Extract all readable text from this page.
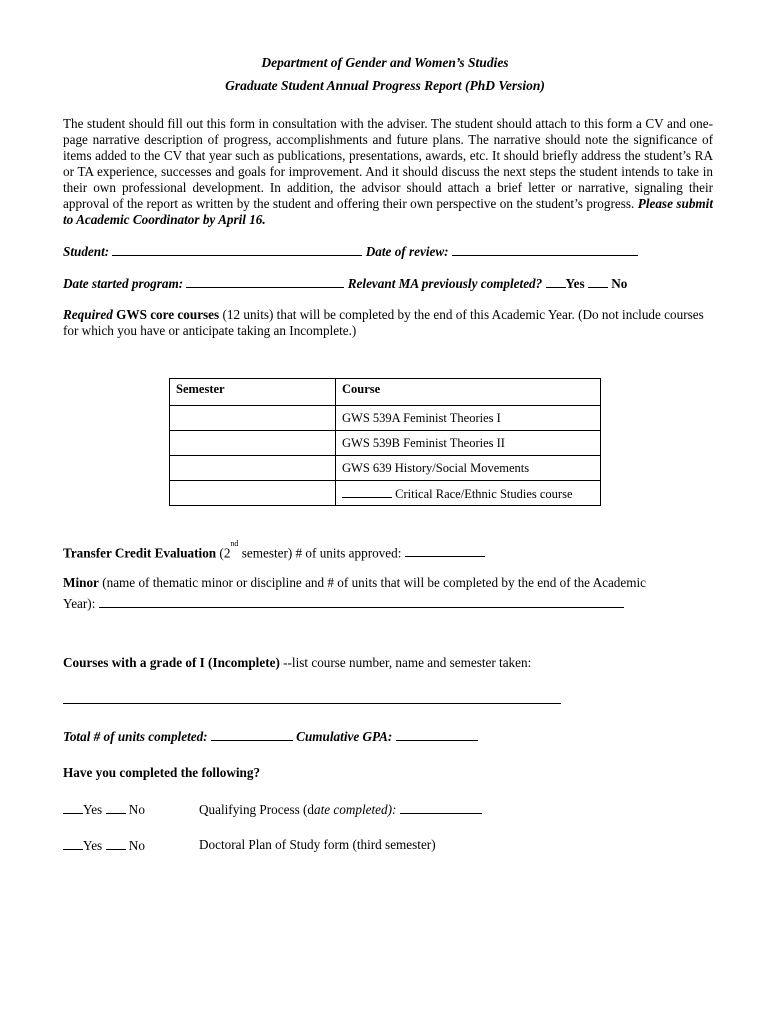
Department of Gender and Women’s Studies
Graduate Student Annual Progress Report (PhD Version)
The student should fill out this form in consultation with the adviser. The student should attach to this form a CV and one-page narrative description of progress, accomplishments and future plans. The narrative should note the significance of items added to the CV that year such as publications, presentations, awards, etc. It should briefly address the student’s RA or TA experience, successes and goals for improvement. And it should discuss the next steps the student intends to take in their own professional development. In addition, the advisor should attach a brief letter or narrative, signaling their approval of the report as written by the student and offering their own perspective on the student’s progress. Please submit to Academic Coordinator by April 16.
Student:	Date of review:
Date started program:	Relevant MA previously completed? Yes No
Required GWS core courses (12 units) that will be completed by the end of this Academic Year. (Do not include courses for which you have or anticipate taking an Incomplete.)
Semester	Course
	GWS 539A Feminist Theories I
	GWS 539B Feminist Theories II
	GWS 639 History/Social Movements
	Critical Race/Ethnic Studies course
Transfer Credit Evaluation (2nd semester) # of units approved:
Minor (name of thematic minor or discipline and # of units that will be completed by the end of the Academic
Year):
Courses with a grade of I (Incomplete) --list course number, name and semester taken:
Total # of units completed:	Cumulative GPA:
Have you completed the following?
Yes No	Qualifying Process (date completed):
Yes No	Doctoral Plan of Study form (third semester)
